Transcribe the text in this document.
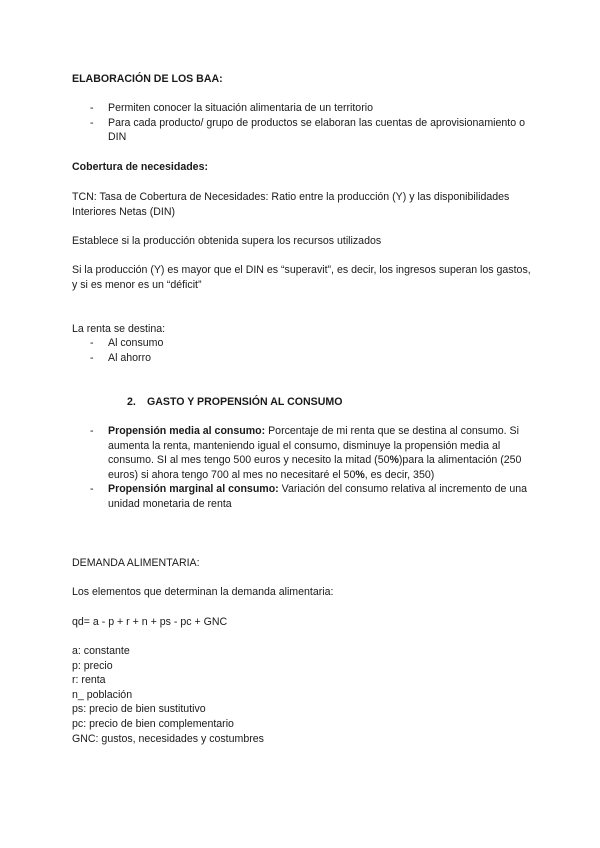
ELABORACIÓN DE LOS BAA:

- Permiten conocer la situación alimentaria de un territorio
- Para cada producto/ grupo de productos se elaboran las cuentas de aprovisionamiento o DIN

Cobertura de necesidades:

TCN: Tasa de Cobertura de Necesidades: Ratio entre la producción (Y) y las disponibilidades Interiores Netas (DIN)

Establece si la producción obtenida supera los recursos utilizados

Si la producción (Y) es mayor que el DIN es “superavit”, es decir, los ingresos superan los gastos, y si es menor es un “déficit”

La renta se destina:

- Al consumo
- Al ahorro

2. GASTO Y PROPENSIÓN AL CONSUMO

- Propensión media al consumo: Porcentaje de mi renta que se destina al consumo. Si aumenta la renta, manteniendo igual el consumo, disminuye la propensión media al consumo. SI al mes tengo 500 euros y necesito la mitad (50%)para la alimentación (250 euros) si ahora tengo 700 al mes no necesitaré el 50%, es decir, 350)
- Propensión marginal al consumo: Variación del consumo relativa al incremento de una unidad monetaria de renta

DEMANDA ALIMENTARIA:

Los elementos que determinan la demanda alimentaria:

qd= a - p + r + n + ps - pc + GNC

a: constante
p: precio
r: renta
n_ población
ps: precio de bien sustitutivo
pc: precio de bien complementario
GNC: gustos, necesidades y costumbres
